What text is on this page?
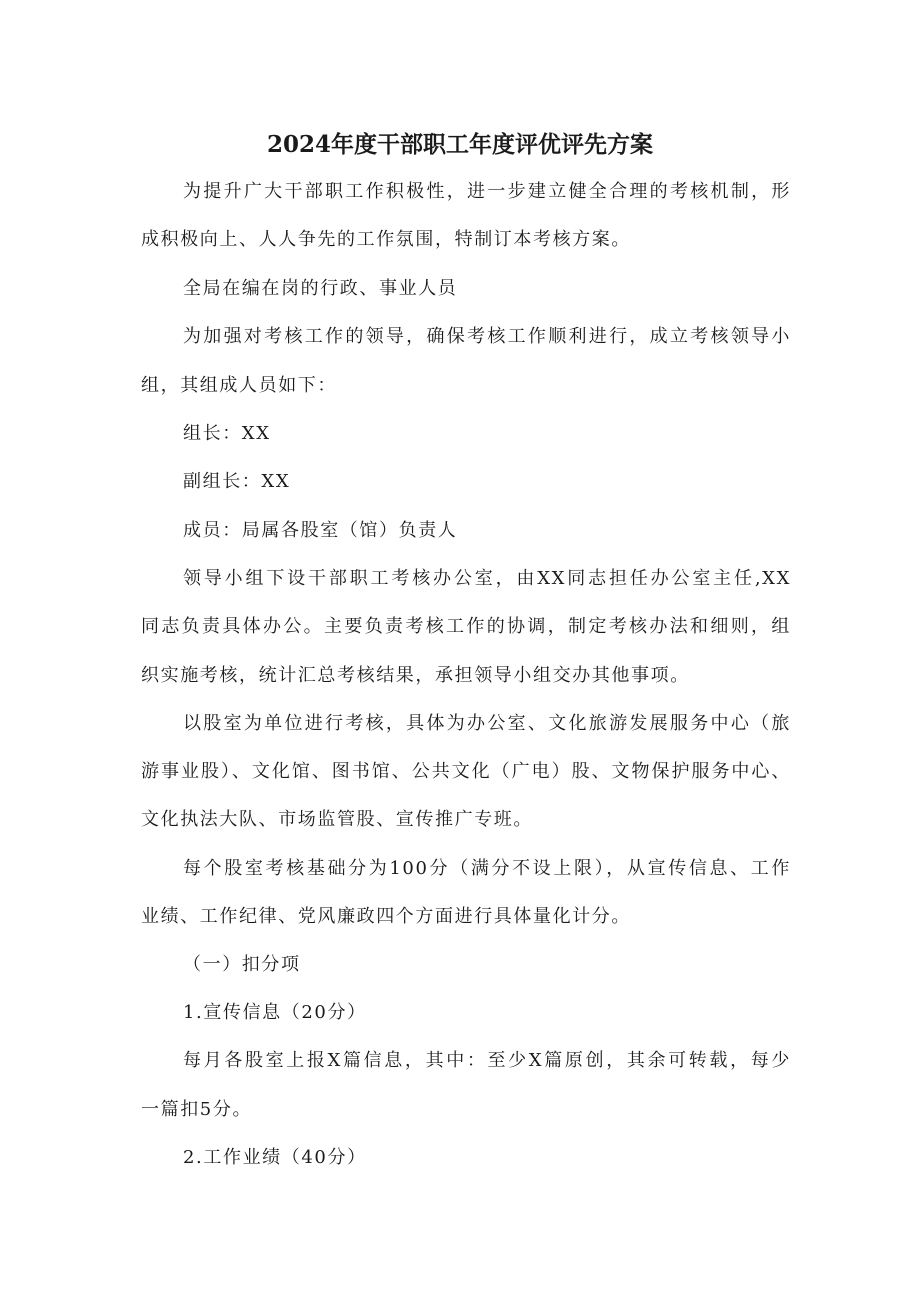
2024年度干部职工年度评优评先方案

为提升广大干部职工作积极性，进一步建立健全合理的考核机制，形

成积极向上、人人争先的工作氛围，特制订本考核方案。

全局在编在岗的行政、事业人员

为加强对考核工作的领导，确保考核工作顺利进行，成立考核领导小

组，其组成人员如下：

组长：XX

副组长：XX

成员：局属各股室（馆）负责人

领导小组下设干部职工考核办公室，由XX同志担任办公室主任,XX

同志负责具体办公。主要负责考核工作的协调，制定考核办法和细则，组

织实施考核，统计汇总考核结果，承担领导小组交办其他事项。

以股室为单位进行考核，具体为办公室、文化旅游发展服务中心（旅

游事业股）、文化馆、图书馆、公共文化（广电）股、文物保护服务中心、

文化执法大队、市场监管股、宣传推广专班。

每个股室考核基础分为100分（满分不设上限），从宣传信息、工作

业绩、工作纪律、党风廉政四个方面进行具体量化计分。

（一）扣分项

1.宣传信息（20分）

每月各股室上报X篇信息，其中：至少X篇原创，其余可转载，每少

一篇扣5分。

2.工作业绩（40分）
